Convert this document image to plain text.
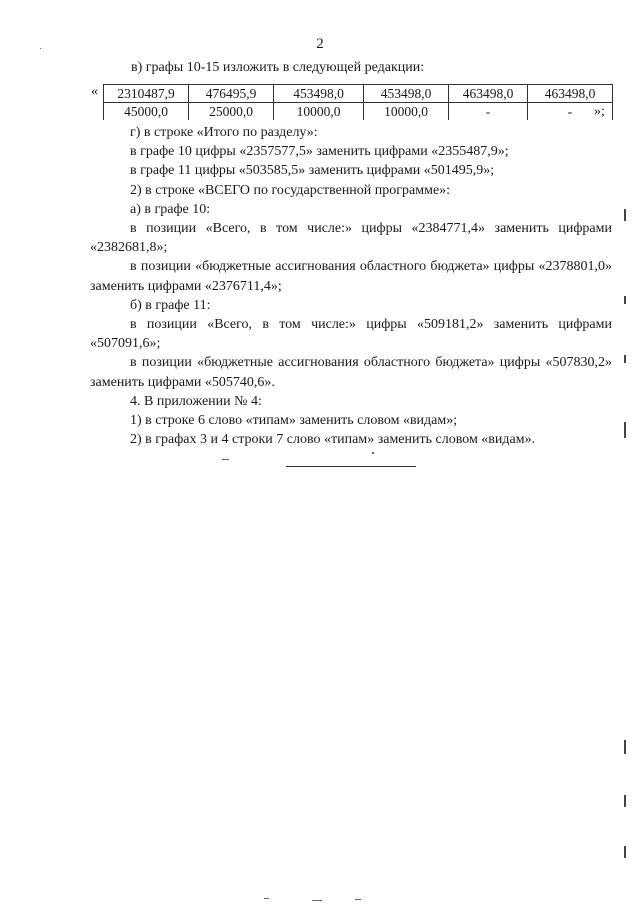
2
в) графы 10-15 изложить в следующей редакции:
« 2310487,9	476495,9	453498,0	453498,0	463498,0	463498,0
45000,0	25000,0	10000,0	10000,0	-	- »;

г) в строке «Итого по разделу»:

в графе 10 цифры «2357577,5» заменить цифрами «2355487,9»;

в графе 11 цифры «503585,5» заменить цифрами «501495,9»;

2) в строке «ВСЕГО по государственной программе»:

а) в графе 10:

в позиции «Всего, в том числе:» цифры «2384771,4» заменить цифрами «2382681,8»;

в позиции «бюджетные ассигнования областного бюджета» цифры «2378801,0» заменить цифрами «2376711,4»;

б) в графе 11:

в позиции «Всего, в том числе:» цифры «509181,2» заменить цифрами «507091,6»;

в позиции «бюджетные ассигнования областного бюджета» цифры «507830,2» заменить цифрами «505740,6».

4. В приложении № 4:

1) в строке 6 слово «типам» заменить словом «видам»;

2) в графах 3 и 4 строки 7 слово «типам» заменить словом «видам».
